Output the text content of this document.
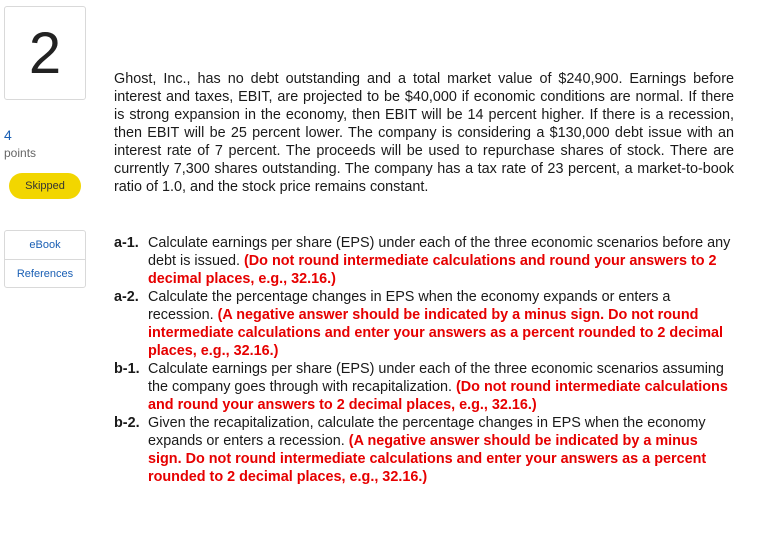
2
4
points
Skipped
eBook
References
Ghost, Inc., has no debt outstanding and a total market value of $240,900. Earnings before interest and taxes, EBIT, are projected to be $40,000 if economic conditions are normal. If there is strong expansion in the economy, then EBIT will be 14 percent higher. If there is a recession, then EBIT will be 25 percent lower. The company is considering a $130,000 debt issue with an interest rate of 7 percent. The proceeds will be used to repurchase shares of stock. There are currently 7,300 shares outstanding. The company has a tax rate of 23 percent, a market-to-book ratio of 1.0, and the stock price remains constant.
a-1. Calculate earnings per share (EPS) under each of the three economic scenarios before any debt is issued. (Do not round intermediate calculations and round your answers to 2 decimal places, e.g., 32.16.)
a-2. Calculate the percentage changes in EPS when the economy expands or enters a recession. (A negative answer should be indicated by a minus sign. Do not round intermediate calculations and enter your answers as a percent rounded to 2 decimal places, e.g., 32.16.)
b-1. Calculate earnings per share (EPS) under each of the three economic scenarios assuming the company goes through with recapitalization. (Do not round intermediate calculations and round your answers to 2 decimal places, e.g., 32.16.)
b-2. Given the recapitalization, calculate the percentage changes in EPS when the economy expands or enters a recession. (A negative answer should be indicated by a minus sign. Do not round intermediate calculations and enter your answers as a percent rounded to 2 decimal places, e.g., 32.16.)
